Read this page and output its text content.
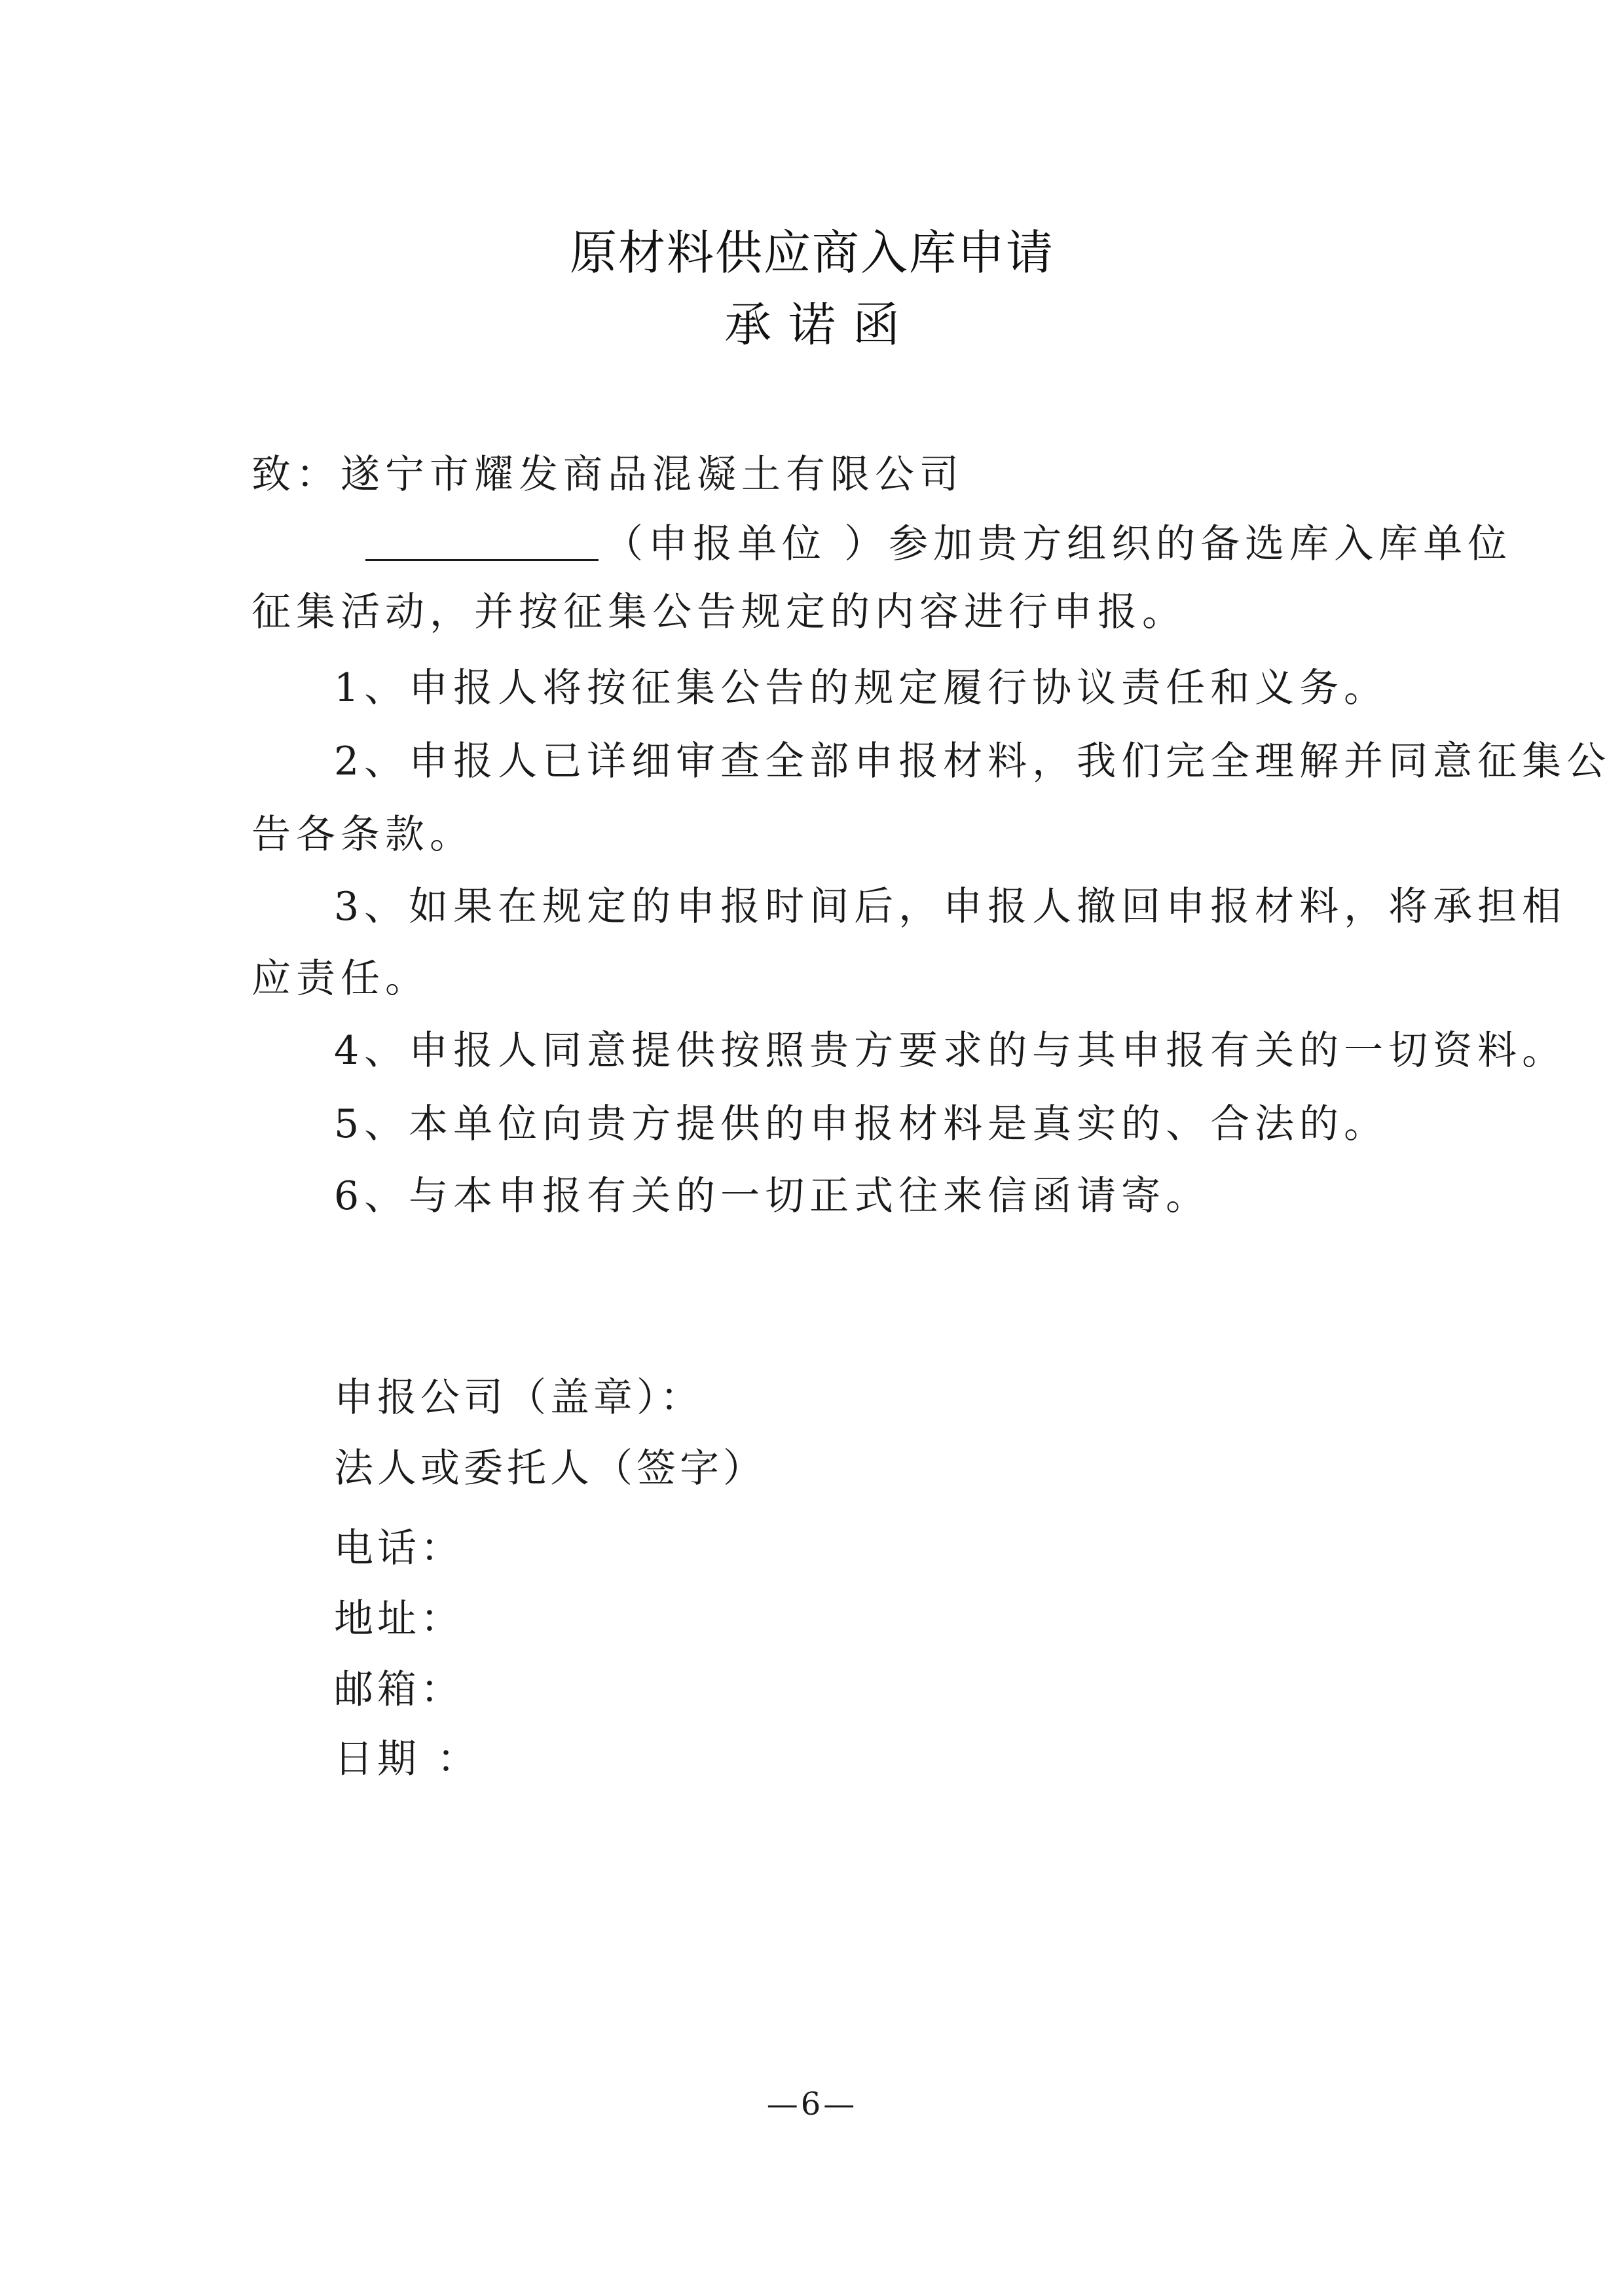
原材料供应商入库申请
承诺函
致：遂宁市耀发商品混凝土有限公司
（申报单位 ）参加贵方组织的备选库入库单位
征集活动，并按征集公告规定的内容进行申报。
1、申报人将按征集公告的规定履行协议责任和义务。
2、申报人已详细审查全部申报材料，我们完全理解并同意征集公
告各条款。
3、如果在规定的申报时间后，申报人撤回申报材料，将承担相
应责任。
4、申报人同意提供按照贵方要求的与其申报有关的一切资料。
5、本单位向贵方提供的申报材料是真实的、合法的。
6、与本申报有关的一切正式往来信函请寄。
申报公司（盖章）：
法人或委托人（签字）
电话：
地址：
邮箱：
日期 ：
—6—
